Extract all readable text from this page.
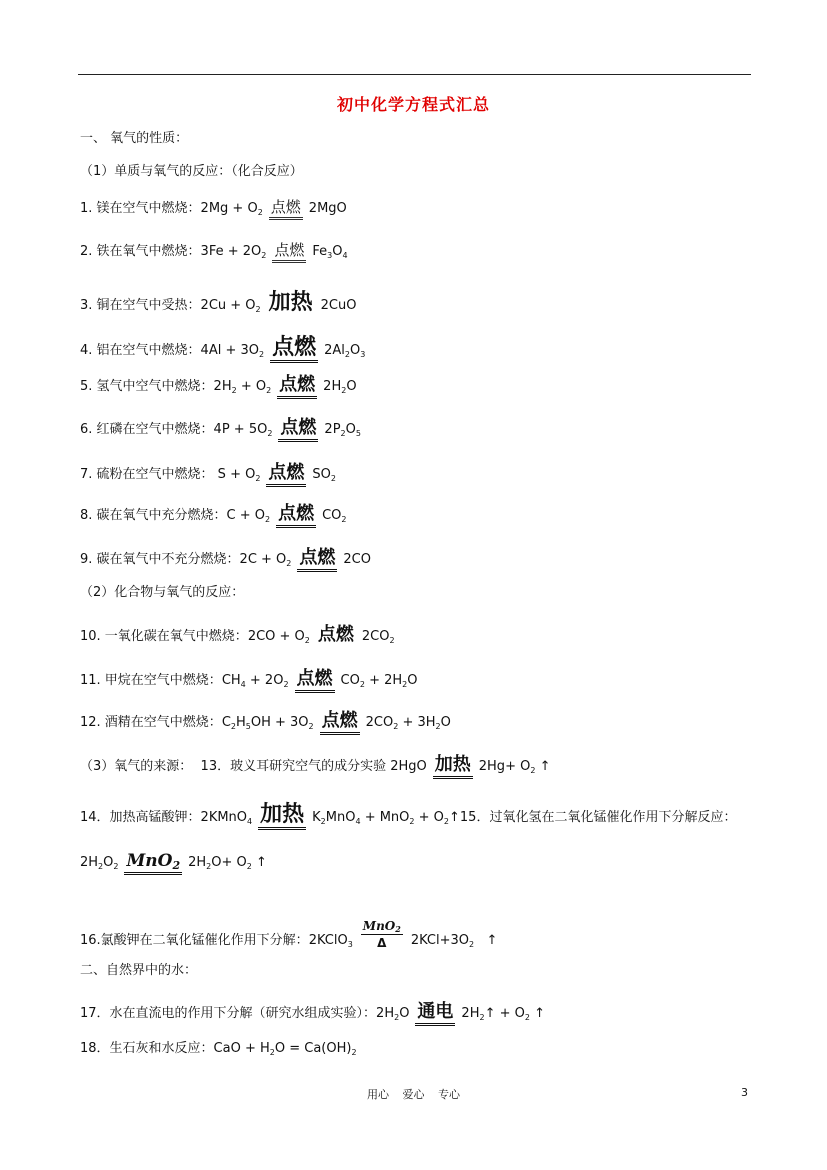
初中化学方程式汇总
一、 氧气的性质：
（1）单质与氧气的反应：（化合反应）
1. 镁在空气中燃烧：$2Mg + O_2$ 点燃 2MgO
2. 铁在氧气中燃烧：$3Fe + 2O_2$ 点燃 $Fe_3O_4$
3. 铜在空气中受热：$2Cu + O_2$ 加热 2CuO
4. 铝在空气中燃烧：$4Al + 3O_2$ 点燃 $2Al_2O_3$
5. 氢气中空气中燃烧：$2H_2 + O_2$ 点燃 $2H_2O$
6. 红磷在空气中燃烧：$4P + 5O_2$ 点燃 $2P_2O_5$
7. 硫粉在空气中燃烧： $S + O_2$ 点燃 $SO_2$
8. 碳在氧气中充分燃烧：$C + O_2$ 点燃 $CO_2$
9. 碳在氧气中不充分燃烧：$2C + O_2$ 点燃 2CO
（2）化合物与氧气的反应：
10. 一氧化碳在氧气中燃烧：$2CO + O_2$ 点燃 $2CO_2$
11. 甲烷在空气中燃烧：$CH_4 + 2O_2$ 点燃 $CO_2 + 2H_2O$
12. 酒精在空气中燃烧：$C_2H_5OH + 3O_2$ 点燃 $2CO_2 + 3H_2O$
（3）氧气的来源： 13．玻义耳研究空气的成分实验 2HgO 加热 $2Hg+ O_2$ ↑
14．加热高锰酸钾：2KMnO$_4$ 加热 $K_2MnO_4 + MnO_2$ + $O_2↑15$．过氧化氢在二氧化锰催化作用下分解反应：
$2H_2O_2$ MnO$_2$ $2H_2O+ O_2$ ↑
16.氯酸钾在二氧化锰催化作用下分解：2KClO$_3$ $\frac{MnO_2}{\Delta} 2KCl+3O_2$ ↑
二、自然界中的水：
17．水在直流电的作用下分解（研究水组成实验）：$2H_2O$ 通电 $2H_2↑ + O_2$ ↑
18．生石灰和水反应：CaO + $H_2O = Ca(OH)_2$
用心 爱心 专心	3
